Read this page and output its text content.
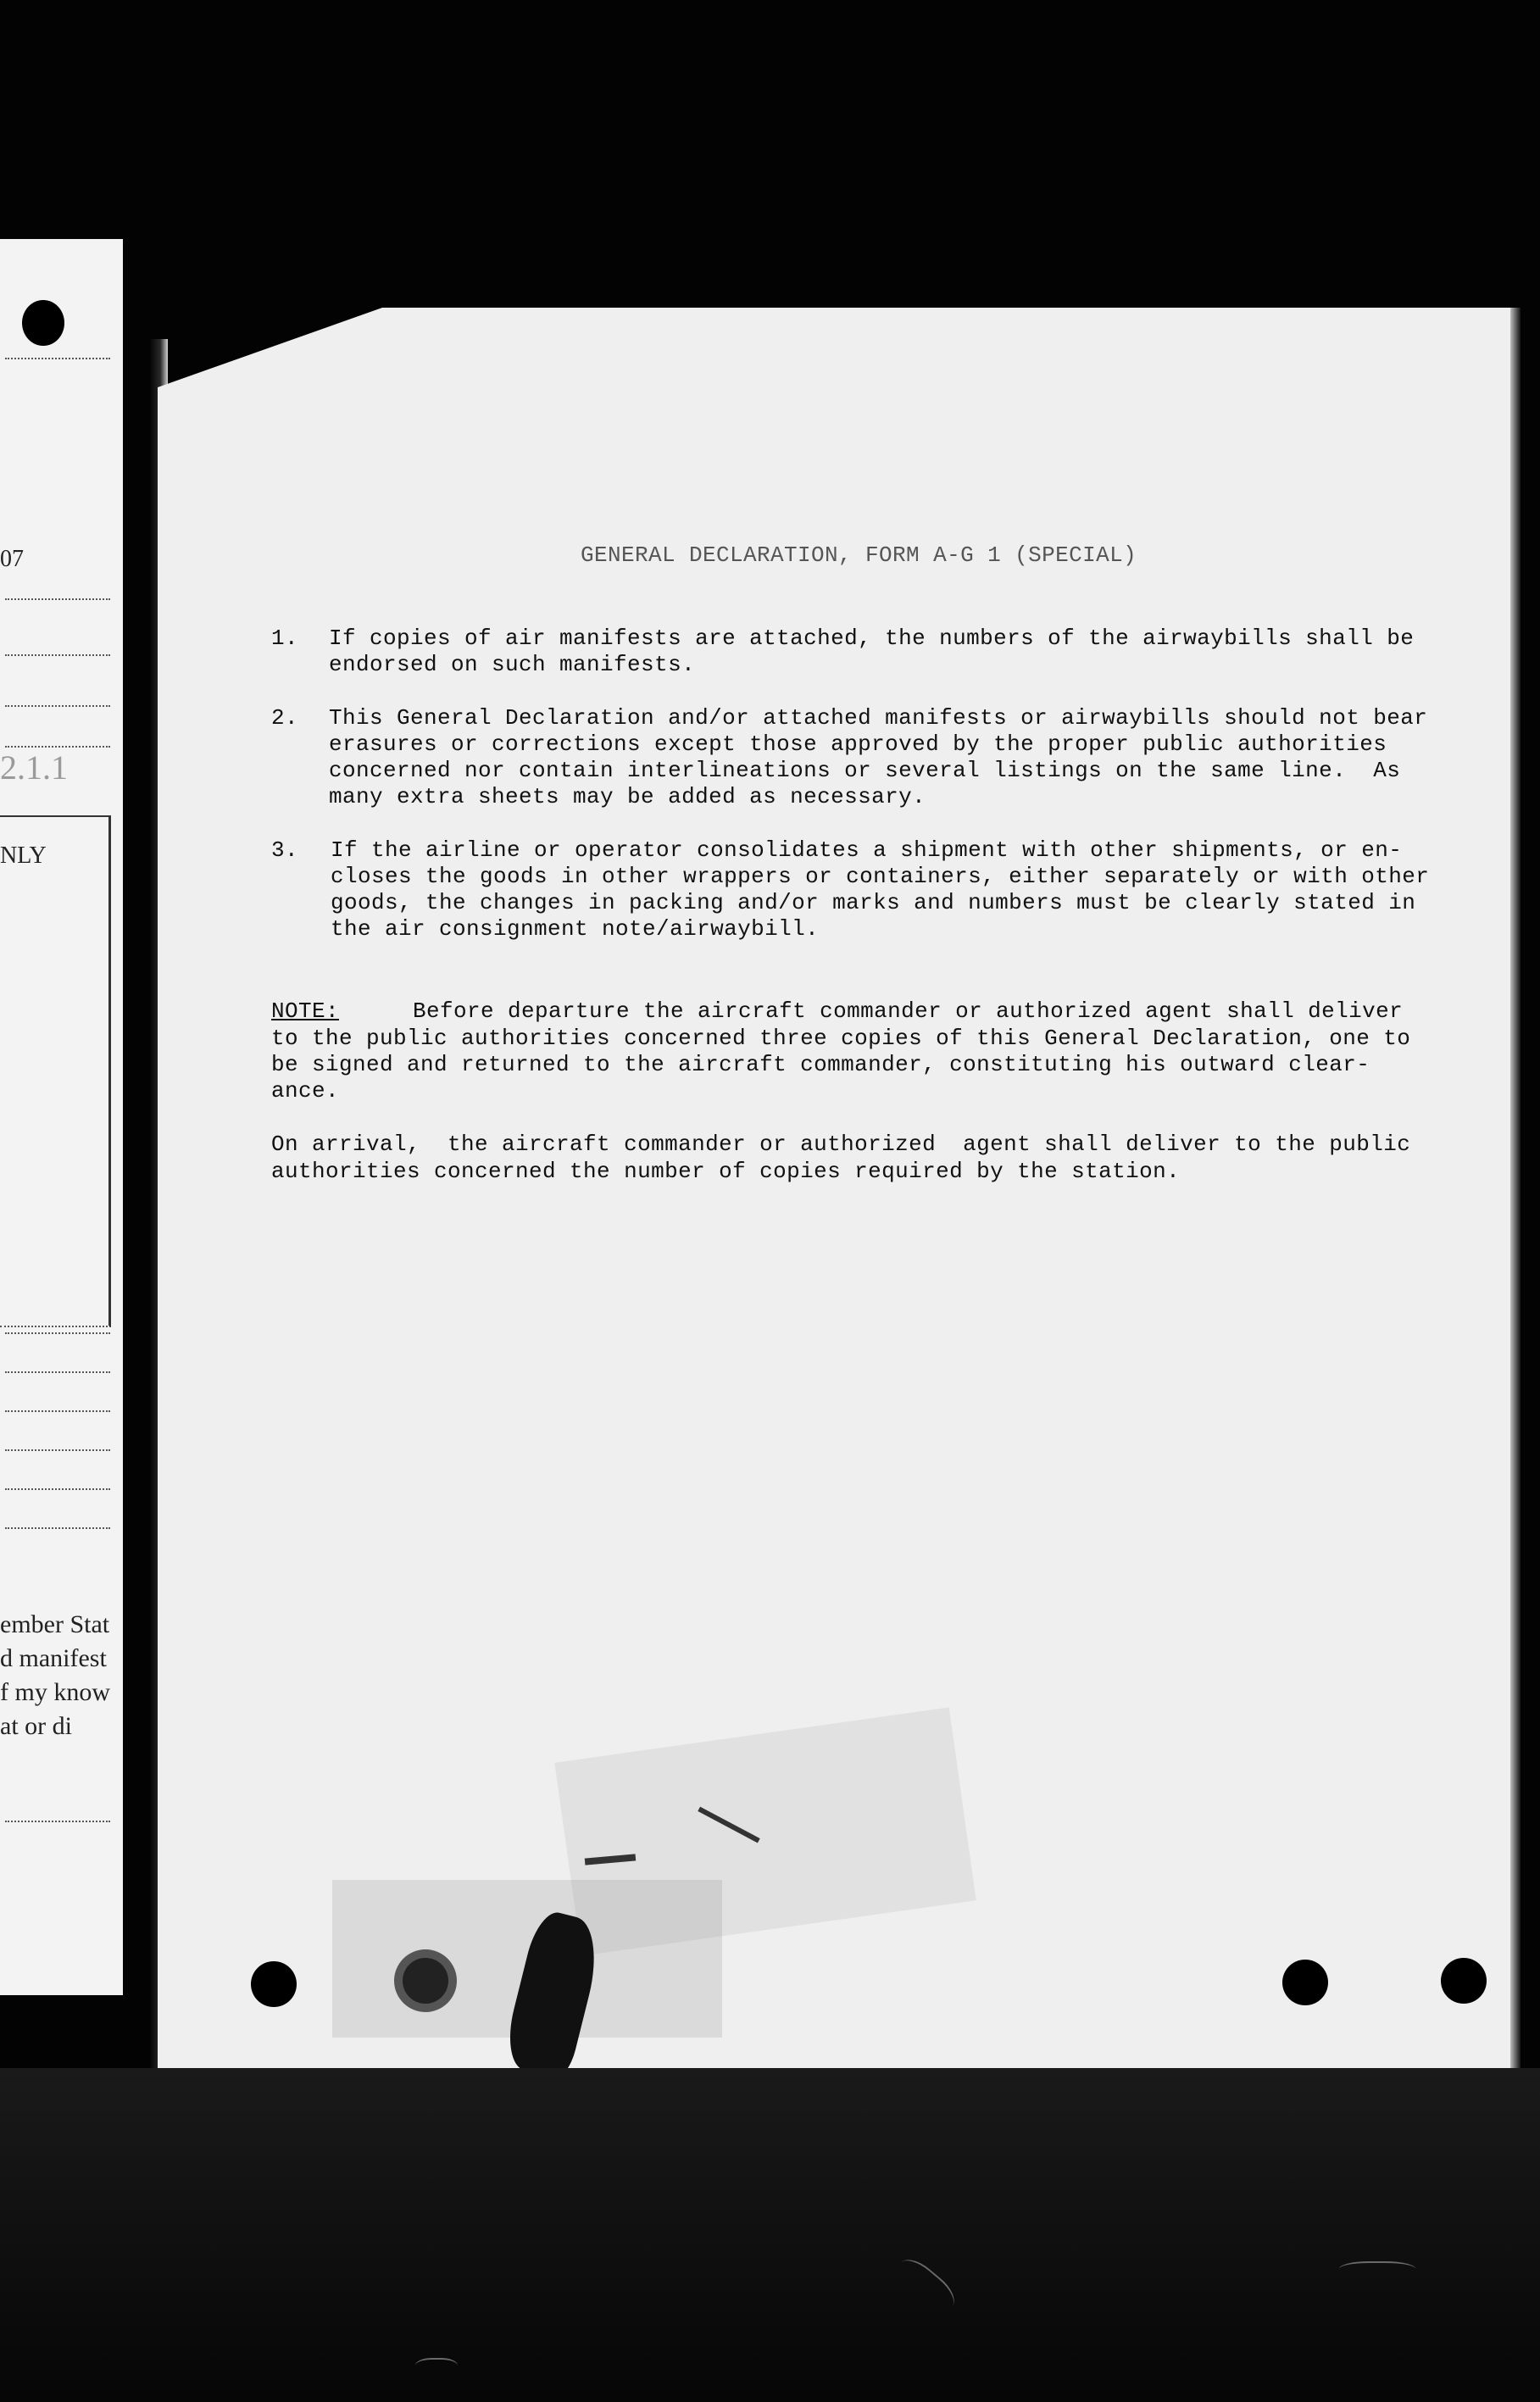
07
2.1.1
NLY
ember Stat
d manifest
f my know
at or di
GENERAL DECLARATION, FORM A-G 1 (SPECIAL)
1. If copies of air manifests are attached, the numbers of the airwaybills shall be
endorsed on such manifests.
2. This General Declaration and/or attached manifests or airwaybills should not bear
erasures or corrections except those approved by the proper public authorities
concerned nor contain interlineations or several listings on the same line.  As
many extra sheets may be added as necessary.
3. If the airline or operator consolidates a shipment with other shipments, or en-
closes the goods in other wrappers or containers, either separately or with other
goods, the changes in packing and/or marks and numbers must be clearly stated in
the air consignment note/airwaybill.
NOTE:	Before departure the aircraft commander or authorized agent shall deliver
to the public authorities concerned three copies of this General Declaration, one to
be signed and returned to the aircraft commander, constituting his outward clear-
ance.
On arrival,  the aircraft commander or authorized  agent shall deliver to the public
authorities concerned the number of copies required by the station.
